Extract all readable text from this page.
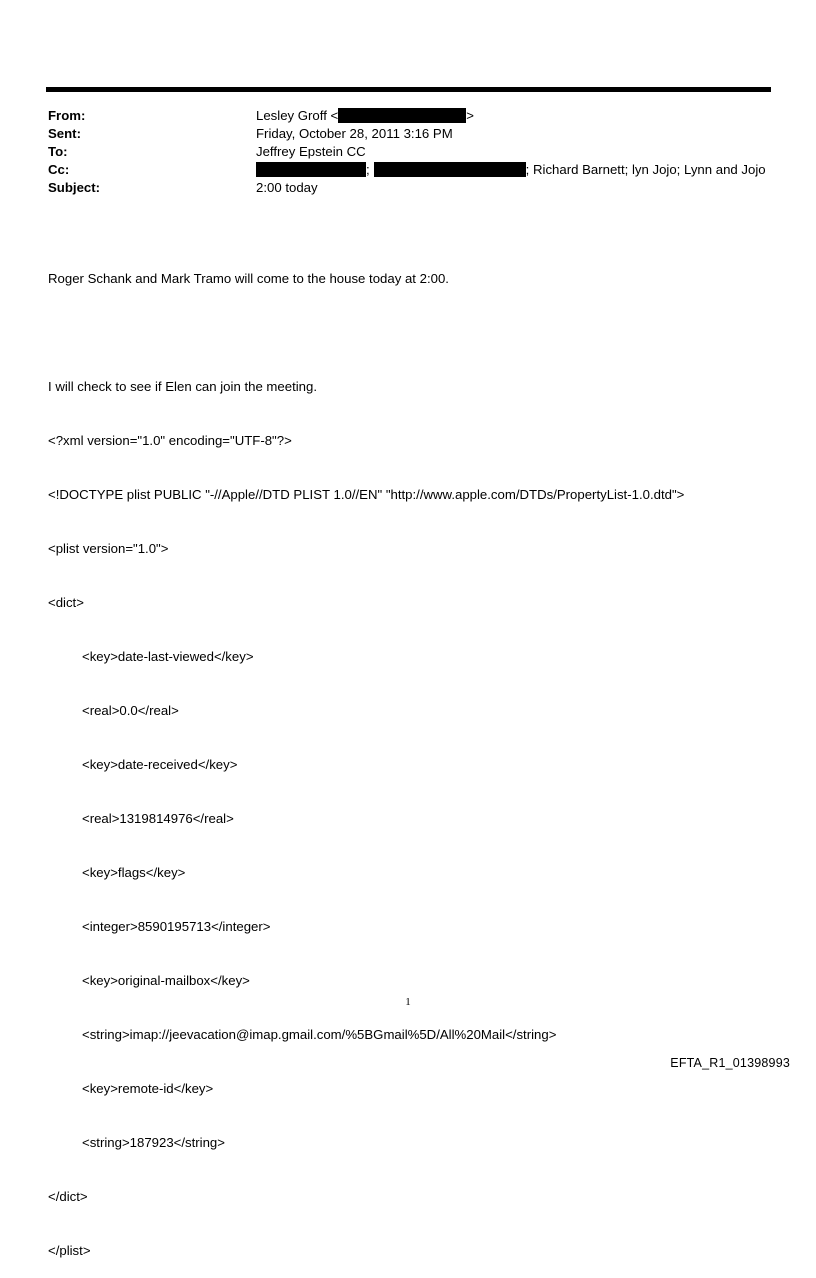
From:	Lesley Groff <	>
Sent:	Friday, October 28, 2011 3:16 PM
To:	Jeffrey Epstein CC
Cc:	;	; Richard Barnett; lyn Jojo; Lynn and Jojo
Subject:	2:00 today

Roger Schank and Mark Tramo will come to the house today at 2:00.

I will check to see if Elen can join the meeting.

<?xml version="1.0" encoding="UTF-8"?>

<!DOCTYPE plist PUBLIC "-//Apple//DTD PLIST 1.0//EN" "http://www.apple.com/DTDs/PropertyList-1.0.dtd">

<plist version="1.0">

<dict>

<key>date-last-viewed</key>

<real>0.0</real>

<key>date-received</key>

<real>1319814976</real>

<key>flags</key>

<integer>8590195713</integer>

<key>original-mailbox</key>

<string>imap://jeevacation@imap.gmail.com/%5BGmail%5D/All%20Mail</string>

<key>remote-id</key>

<string>187923</string>

</dict>

</plist>

1
EFTA_R1_01398993
